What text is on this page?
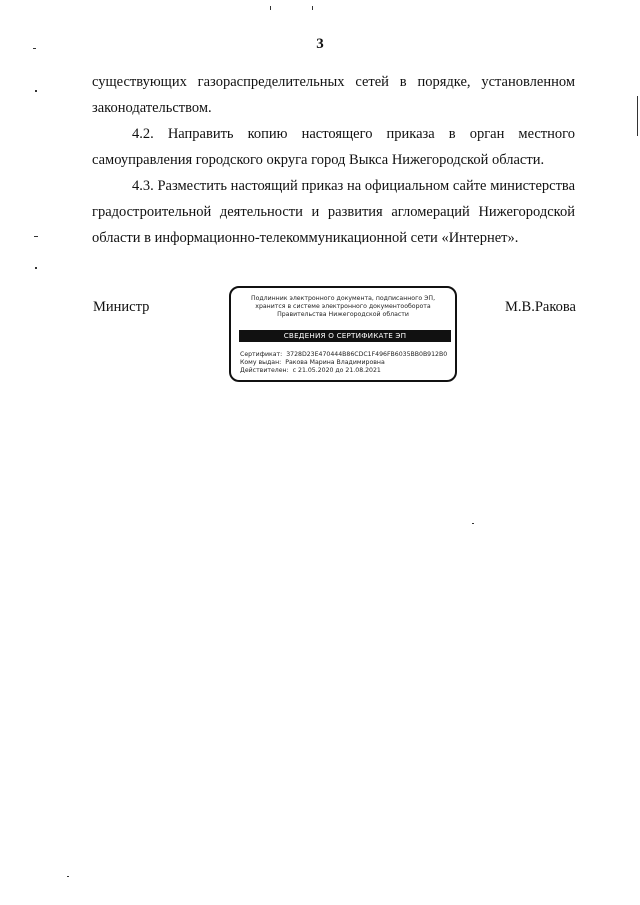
3
существующих газораспределительных сетей в порядке, установленном
законодательством.
4.2. Направить копию настоящего приказа в орган местного
самоуправления городского округа город Выкса Нижегородской области.
4.3. Разместить настоящий приказ на официальном сайте министерства
градостроительной деятельности и развития агломераций Нижегородской
области в информационно-телекоммуникационной сети «Интернет».
Министр
Подлинник электронного документа, подписанного ЭП,
хранится в системе электронного документооборота
Правительства Нижегородской области
СВЕДЕНИЯ О СЕРТИФИКАТЕ ЭП
Сертификат: 3728D23E470444B86CDC1F496FB6035BB0B912B0
Кому выдан: Ракова Марина Владимировна
Действителен: с 21.05.2020 до 21.08.2021
М.В.Ракова
